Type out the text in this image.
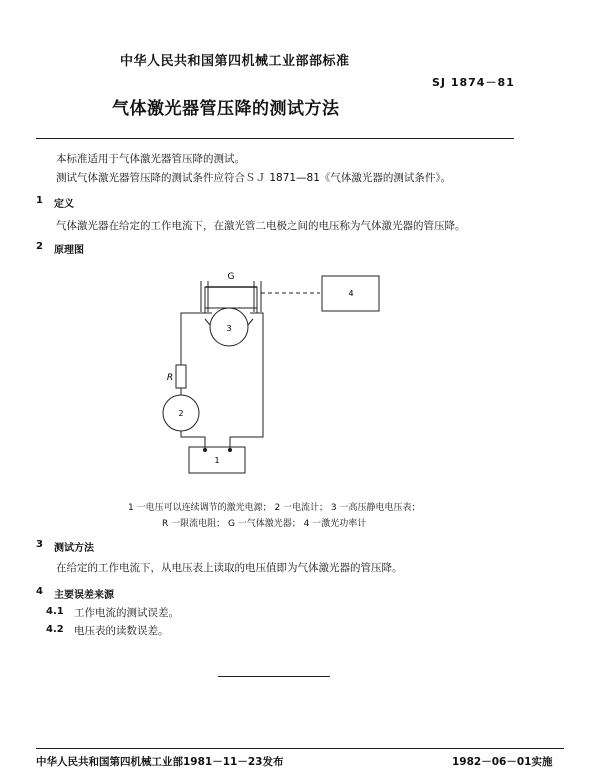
中华人民共和国第四机械工业部部标准
SJ 1874－81
气体激光器管压降的测试方法
本标准适用于气体激光器管压降的测试。
测试气体激光器管压降的测试条件应符合ＳＪ 1871—81《气体激光器的测试条件》。
1 定义
气体激光器在给定的工作电流下，在激光管二电极之间的电压称为气体激光器的管压降。
2 原理图
G
3
4
R
2
1
1 一电压可以连续调节的激光电源； 2 一电流计； 3 一高压静电电压表；
R 一限流电阻； G 一气体激光器； 4 一激光功率计
3 测试方法
在给定的工作电流下，从电压表上读取的电压值即为气体激光器的管压降。
4 主要误差来源
4.1 工作电流的测试误差。
4.2 电压表的读数误差。
中华人民共和国第四机械工业部1981－11－23发布	1982－06－01实施
